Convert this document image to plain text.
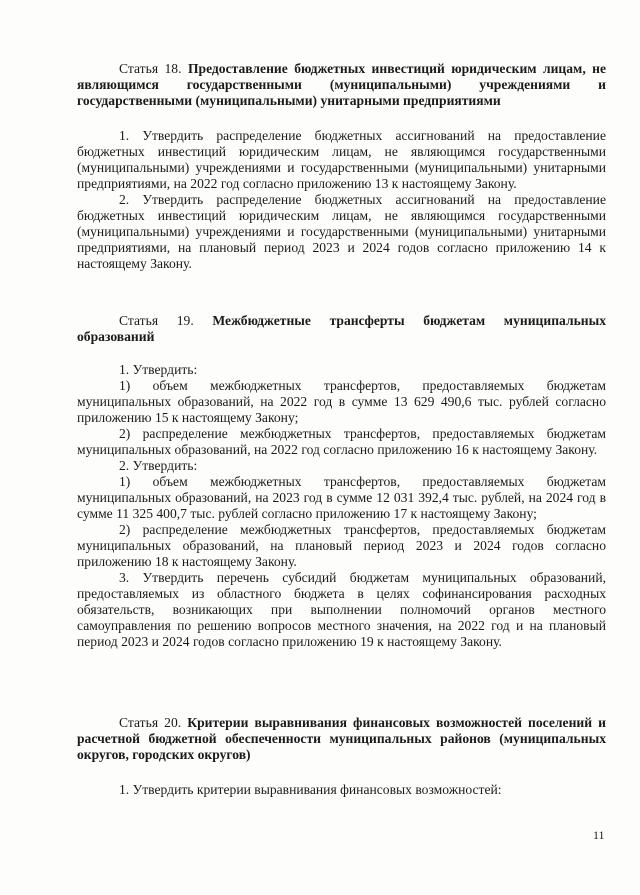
Статья 18. Предоставление бюджетных инвестиций юридическим лицам, не являющимся государственными (муниципальными) учреждениями и государственными (муниципальными) унитарными предприятиями

1. Утвердить распределение бюджетных ассигнований на предоставление бюджетных инвестиций юридическим лицам, не являющимся государственными (муниципальными) учреждениями и государственными (муниципальными) унитарными предприятиями, на 2022 год согласно приложению 13 к настоящему Закону.

2. Утвердить распределение бюджетных ассигнований на предоставление бюджетных инвестиций юридическим лицам, не являющимся государственными (муниципальными) учреждениями и государственными (муниципальными) унитарными предприятиями, на плановый период 2023 и 2024 годов согласно приложению 14 к настоящему Закону.

Статья 19. Межбюджетные трансферты бюджетам муниципальных образований

1. Утвердить:

1) объем межбюджетных трансфертов, предоставляемых бюджетам муниципальных образований, на 2022 год в сумме 13 629 490,6 тыс. рублей согласно приложению 15 к настоящему Закону;

2) распределение межбюджетных трансфертов, предоставляемых бюджетам муниципальных образований, на 2022 год согласно приложению 16 к настоящему Закону.

2. Утвердить:

1) объем межбюджетных трансфертов, предоставляемых бюджетам муниципальных образований, на 2023 год в сумме 12 031 392,4 тыс. рублей, на 2024 год в сумме 11 325 400,7 тыс. рублей согласно приложению 17 к настоящему Закону;

2) распределение межбюджетных трансфертов, предоставляемых бюджетам муниципальных образований, на плановый период 2023 и 2024 годов согласно приложению 18 к настоящему Закону.

3. Утвердить перечень субсидий бюджетам муниципальных образований, предоставляемых из областного бюджета в целях софинансирования расходных обязательств, возникающих при выполнении полномочий органов местного самоуправления по решению вопросов местного значения, на 2022 год и на плановый период 2023 и 2024 годов согласно приложению 19 к настоящему Закону.

Статья 20. Критерии выравнивания финансовых возможностей поселений и расчетной бюджетной обеспеченности муниципальных районов (муниципальных округов, городских округов)

1. Утвердить критерии выравнивания финансовых возможностей:

11
